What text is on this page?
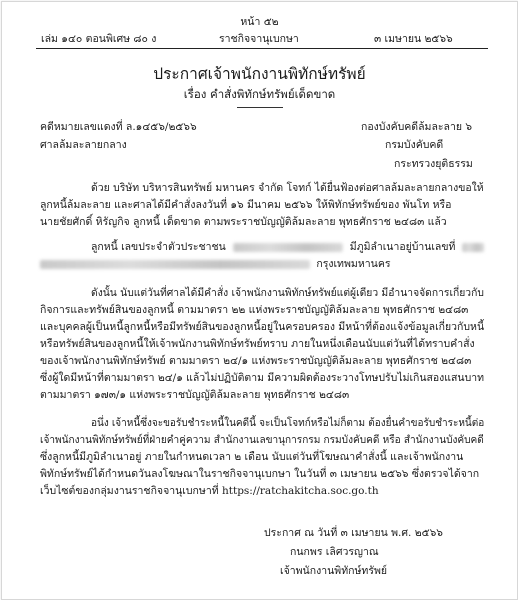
หน้า ๕๒
เล่ม ๑๔๐ ตอนพิเศษ ๘๐ ง	ราชกิจจานุเบกษา	๓ เมษายน ๒๕๖๖
ประกาศเจ้าพนักงานพิทักษ์ทรัพย์
เรื่อง คำสั่งพิทักษ์ทรัพย์เด็ดขาด
คดีหมายเลขแดงที่ ล.๑๔๕๖/๒๕๖๖
ศาลล้มละลายกลาง
กองบังคับคดีล้มละลาย ๖
กรมบังคับคดี
กระทรวงยุติธรรม
ด้วย บริษัท บริหารสินทรัพย์ มหานคร จำกัด โจทก์ ได้ยื่นฟ้องต่อศาลล้มละลายกลางขอให้
ลูกหนี้ล้มละลาย และศาลได้มีคำสั่งลงวันที่ ๑๖ มีนาคม ๒๕๖๖ ให้พิทักษ์ทรัพย์ของ พันโท หรือ
นายชัยศักดิ์ หิรัญกิจ ลูกหนี้ เด็ดขาด ตามพระราชบัญญัติล้มละลาย พุทธศักราช ๒๔๘๓ แล้ว
ลูกหนี้ เลขประจำตัวประชาชน	มีภูมิลำเนาอยู่บ้านเลขที่
กรุงเทพมหานคร
ดังนั้น นับแต่วันที่ศาลได้มีคำสั่ง เจ้าพนักงานพิทักษ์ทรัพย์แต่ผู้เดียว มีอำนาจจัดการเกี่ยวกับ
กิจการและทรัพย์สินของลูกหนี้ ตามมาตรา ๒๒ แห่งพระราชบัญญัติล้มละลาย พุทธศักราช ๒๔๘๓
และบุคคลผู้เป็นหนี้ลูกหนี้หรือมีทรัพย์สินของลูกหนี้อยู่ในครอบครอง มีหน้าที่ต้องแจ้งข้อมูลเกี่ยวกับหนี้
หรือทรัพย์สินของลูกหนี้ให้เจ้าพนักงานพิทักษ์ทรัพย์ทราบ ภายในหนึ่งเดือนนับแต่วันที่ได้ทราบคำสั่ง
ของเจ้าพนักงานพิทักษ์ทรัพย์ ตามมาตรา ๒๔/๑ แห่งพระราชบัญญัติล้มละลาย พุทธศักราช ๒๔๘๓
ซึ่งผู้ใดมีหน้าที่ตามมาตรา ๒๔/๑ แล้วไม่ปฏิบัติตาม มีความผิดต้องระวางโทษปรับไม่เกินสองแสนบาท
ตามมาตรา ๑๗๓/๑ แห่งพระราชบัญญัติล้มละลาย พุทธศักราช ๒๔๘๓
อนึ่ง เจ้าหนี้ซึ่งจะขอรับชำระหนี้ในคดีนี้ จะเป็นโจทก์หรือไม่ก็ตาม ต้องยื่นคำขอรับชำระหนี้ต่อ
เจ้าพนักงานพิทักษ์ทรัพย์ที่ฝ่ายคำคู่ความ สำนักงานเลขานุการกรม กรมบังคับคดี หรือ สำนักงานบังคับคดี
ซึ่งลูกหนี้มีภูมิลำเนาอยู่ ภายในกำหนดเวลา ๒ เดือน นับแต่วันที่โฆษณาคำสั่งนี้ และเจ้าพนักงาน
พิทักษ์ทรัพย์ได้กำหนดวันลงโฆษณาในราชกิจจานุเบกษา ในวันที่ ๓ เมษายน ๒๕๖๖ ซึ่งตรวจได้จาก
เว็บไซต์ของกลุ่มงานราชกิจจานุเบกษาที่ https://ratchakitcha.soc.go.th
ประกาศ ณ วันที่ ๓ เมษายน พ.ศ. ๒๕๖๖
กนกพร เลิศวรญาณ
เจ้าพนักงานพิทักษ์ทรัพย์
